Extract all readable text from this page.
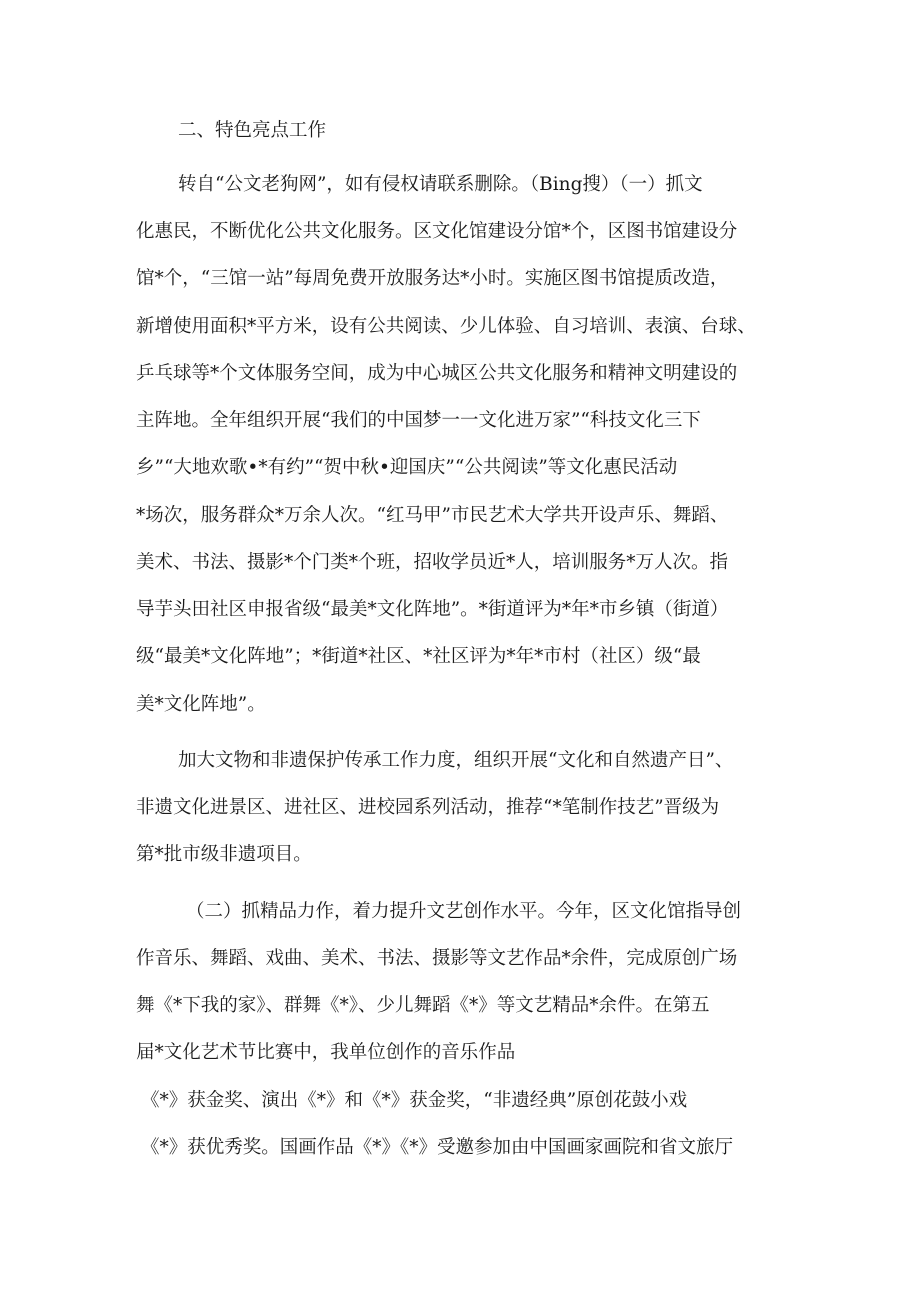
二、特色亮点工作
转自“公文老狗网”，如有侵权请联系删除。（Bing搜）（一）抓文
化惠民，不断优化公共文化服务。区文化馆建设分馆*个，区图书馆建设分
馆*个，“三馆一站”每周免费开放服务达*小时。实施区图书馆提质改造，
新增使用面积*平方米，设有公共阅读、少儿体验、自习培训、表演、台球、
乒乓球等*个文体服务空间，成为中心城区公共文化服务和精神文明建设的
主阵地。全年组织开展“我们的中国梦一一文化进万家”“科技文化三下
乡”“大地欢歌•*有约”“贺中秋•迎国庆”“公共阅读”等文化惠民活动
*场次，服务群众*万余人次。“红马甲”市民艺术大学共开设声乐、舞蹈、
美术、书法、摄影*个门类*个班，招收学员近*人，培训服务*万人次。指
导芋头田社区申报省级“最美*文化阵地”。*街道评为*年*市乡镇（街道）
级“最美*文化阵地”；*街道*社区、*社区评为*年*市村（社区）级“最
美*文化阵地”。
加大文物和非遗保护传承工作力度，组织开展“文化和自然遗产日”、
非遗文化进景区、进社区、进校园系列活动，推荐“*笔制作技艺”晋级为
第*批市级非遗项目。
（二）抓精品力作，着力提升文艺创作水平。今年，区文化馆指导创
作音乐、舞蹈、戏曲、美术、书法、摄影等文艺作品*余件，完成原创广场
舞《*下我的家》、群舞《*》、少儿舞蹈《*》等文艺精品*余件。在第五
届*文化艺术节比赛中，我单位创作的音乐作品
《*》获金奖、演出《*》和《*》获金奖，“非遗经典”原创花鼓小戏
《*》获优秀奖。国画作品《*》《*》受邀参加由中国画家画院和省文旅厅
